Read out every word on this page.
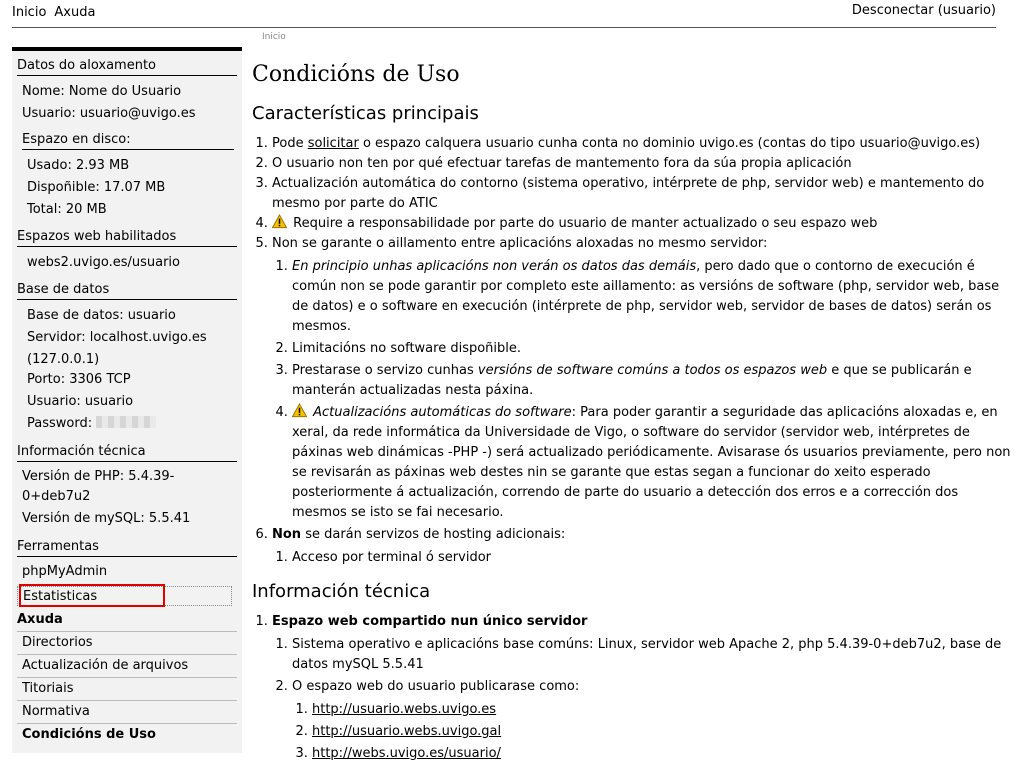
Inicio Axuda	Desconectar (usuario)
Inicio
Datos do aloxamento
Nome: Nome do Usuario
Usuario: usuario@uvigo.es
Espazo en disco:
Usado: 2.93 MB
Dispoñible: 17.07 MB
Total: 20 MB
Espazos web habilitados
webs2.uvigo.es/usuario
Base de datos
Base de datos: usuario
Servidor: localhost.uvigo.es (127.0.0.1)
Porto: 3306 TCP
Usuario: usuario
Password:
Información técnica
Versión de PHP: 5.4.39-0+deb7u2
Versión de mySQL: 5.5.41
Ferramentas
phpMyAdmin
Estatisticas
Axuda
Directorios
Actualización de arquivos
Titoriais
Normativa
Condicións de Uso
Condicións de Uso
Características principais
1. Pode solicitar o espazo calquera usuario cunha conta no dominio uvigo.es (contas do tipo usuario@uvigo.es)
2. O usuario non ten por qué efectuar tarefas de mantemento fora da súa propia aplicación
3. Actualización automática do contorno (sistema operativo, intérprete de php, servidor web) e mantemento do mesmo por parte do ATIC
4. Require a responsabilidade por parte do usuario de manter actualizado o seu espazo web
5. Non se garante o aillamento entre aplicacións aloxadas no mesmo servidor:
1. En principio unhas aplicacións non verán os datos das demáis, pero dado que o contorno de execución é común non se pode garantir por completo este aillamento: as versións de software (php, servidor web, base de datos) e o software en execución (intérprete de php, servidor web, servidor de bases de datos) serán os mesmos.
2. Limitacións no software dispoñible.
3. Prestarase o servizo cunhas versións de software comúns a todos os espazos web e que se publicarán e manterán actualizadas nesta páxina.
4. Actualizacións automáticas do software: Para poder garantir a seguridade das aplicacións aloxadas e, en xeral, da rede informática da Universidade de Vigo, o software do servidor (servidor web, intérpretes de páxinas web dinámicas -PHP -) será actualizado periódicamente. Avisarase ós usuarios previamente, pero non se revisarán as páxinas web destes nin se garante que estas segan a funcionar do xeito esperado posteriormente á actualización, correndo de parte do usuario a detección dos erros e a corrección dos mesmos se isto se fai necesario.
6. Non se darán servizos de hosting adicionais:
1. Acceso por terminal ó servidor
Información técnica
1. Espazo web compartido nun único servidor
1. Sistema operativo e aplicacións base comúns: Linux, servidor web Apache 2, php 5.4.39-0+deb7u2, base de datos mySQL 5.5.41
2. O espazo web do usuario publicarase como:
1. http://usuario.webs.uvigo.es
2. http://usuario.webs.uvigo.gal
3. http://webs.uvigo.es/usuario/
